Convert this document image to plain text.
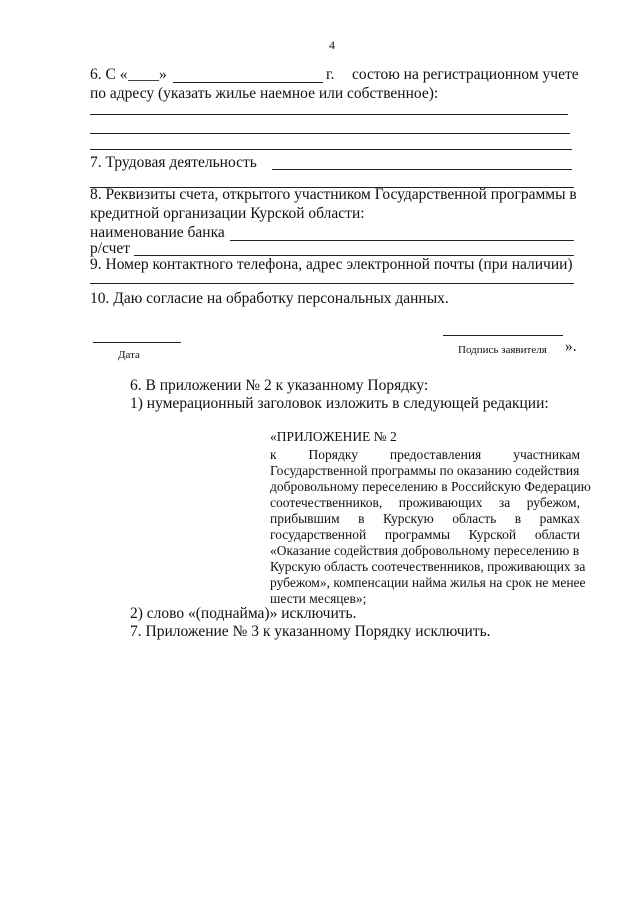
4
6. С « ____ »	г. состою на регистрационном учете
по адресу (указать жилье наемное или собственное):
7. Трудовая деятельность
8. Реквизиты счета, открытого участником Государственной программы в
кредитной организации Курской области:
наименование банка
р/счет
9. Номер контактного телефона, адрес электронной почты (при наличии)
10. Даю согласие на обработку персональных данных.
Дата	Подпись заявителя ».
6. В приложении № 2 к указанному Порядку:
1) нумерационный заголовок изложить в следующей редакции:
«ПРИЛОЖЕНИЕ № 2
к Порядку предоставления участникам
Государственной программы по оказанию содействия
добровольному переселению в Российскую Федерацию
соотечественников, проживающих за рубежом,
прибывшим в Курскую область в рамках
государственной программы Курской области
«Оказание содействия добровольному переселению в
Курскую область соотечественников, проживающих за
рубежом», компенсации найма жилья на срок не менее
шести месяцев»;
2) слово «(поднайма)» исключить.
7. Приложение № 3 к указанному Порядку исключить.
